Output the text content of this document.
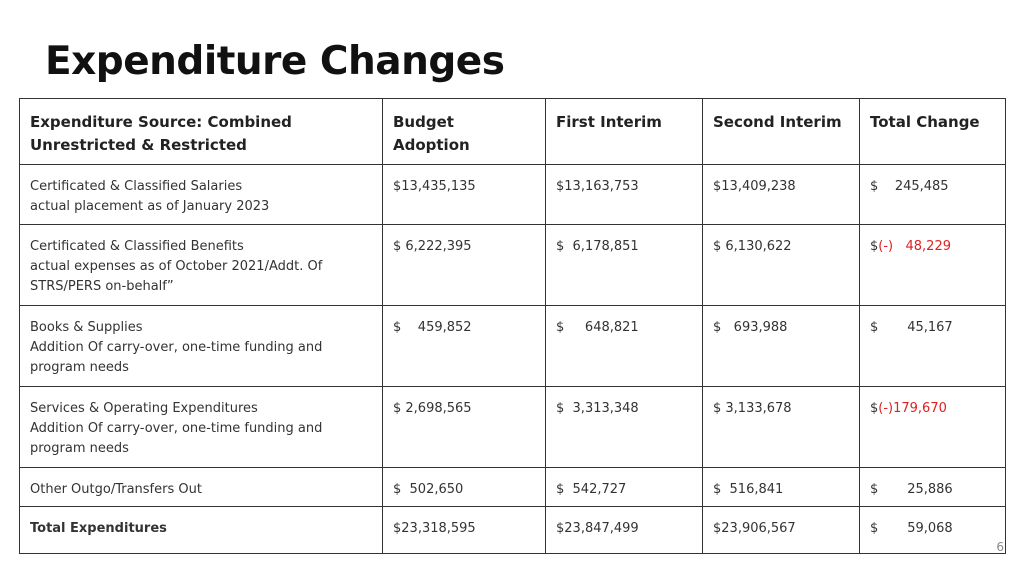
Expenditure Changes
Expenditure Source: Combined Unrestricted & Restricted	Budget Adoption	First Interim	Second Interim	Total Change

Certificated & Classified Salaries
actual placement as of January 2023	$13,435,135	$13,163,753	$13,409,238	$    245,485

Certificated & Classified Benefits
actual expenses as of October 2021/Addt. Of STRS/PERS on-behalf”	$ 6,222,395	$  6,178,851	$ 6,130,622	$(-)   48,229

Books & Supplies
Addition Of carry-over, one-time funding and program needs	$    459,852	$     648,821	$   693,988	$       45,167

Services & Operating Expenditures
Addition Of carry-over, one-time funding and program needs	$ 2,698,565	$  3,313,348	$ 3,133,678	$(-)179,670

Other Outgo/Transfers Out	$  502,650	$  542,727	$  516,841	$       25,886

Total Expenditures	$23,318,595	$23,847,499	$23,906,567	$       59,068
6
